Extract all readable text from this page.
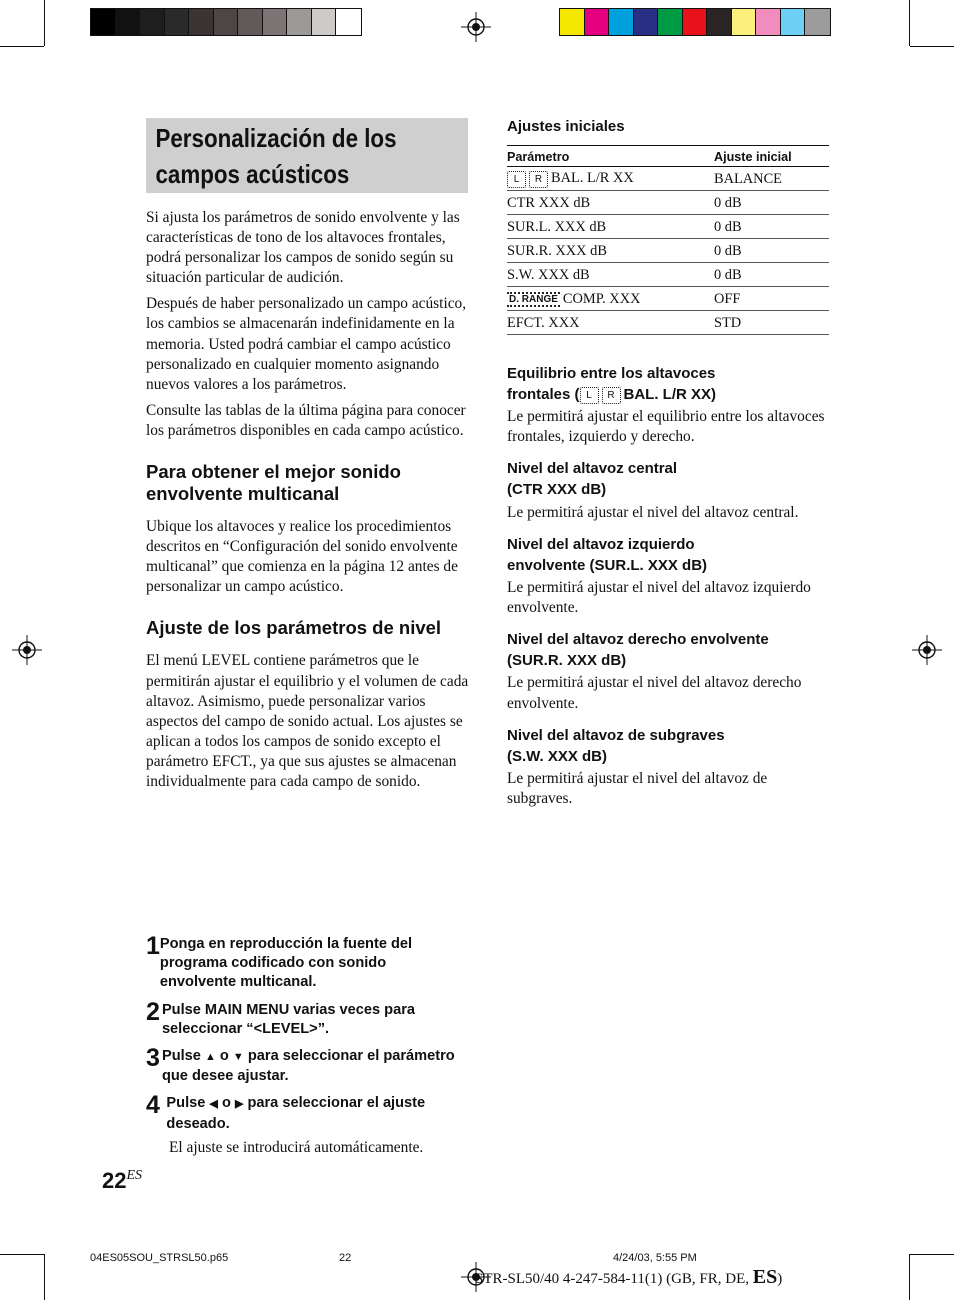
Personalización de los
campos acústicos

Si ajusta los parámetros de sonido envolvente y las características de tono de los altavoces frontales, podrá personalizar los campos de sonido según su situación particular de audición.

Después de haber personalizado un campo acústico, los cambios se almacenarán indefinidamente en la memoria. Usted podrá cambiar el campo acústico personalizado en cualquier momento asignando nuevos valores a los parámetros.

Consulte las tablas de la última página para conocer los parámetros disponibles en cada campo acústico.

Para obtener el mejor sonido envolvente multicanal

Ubique los altavoces y realice los procedimientos descritos en “Configuración del sonido envolvente multicanal” que comienza en la página 12 antes de personalizar un campo acústico.

Ajuste de los parámetros de nivel

El menú LEVEL contiene parámetros que le permitirán ajustar el equilibrio y el volumen de cada altavoz. Asimismo, puede personalizar varios aspectos del campo de sonido actual. Los ajustes se aplican a todos los campos de sonido excepto el parámetro EFCT., ya que sus ajustes se almacenan individualmente para cada campo de sonido.

1 Ponga en reproducción la fuente del programa codificado con sonido envolvente multicanal.
2 Pulse MAIN MENU varias veces para seleccionar “<LEVEL>”.
3 Pulse ▲ o ▼ para seleccionar el parámetro que desee ajustar.
4 Pulse ◀ o ▶ para seleccionar el ajuste deseado.
El ajuste se introducirá automáticamente.
22ES
Ajustes iniciales
Parámetro	Ajuste inicial
L R BAL. L/R XX	BALANCE
CTR XXX dB	0 dB
SUR.L. XXX dB	0 dB
SUR.R. XXX dB	0 dB
S.W. XXX dB	0 dB
D. RANGE COMP. XXX	OFF
EFCT. XXX	STD
Equilibrio entre los altavoces
frontales ( L R BAL. L/R XX)

Le permitirá ajustar el equilibrio entre los altavoces frontales, izquierdo y derecho.

Nivel del altavoz central
(CTR XXX dB)

Le permitirá ajustar el nivel del altavoz central.

Nivel del altavoz izquierdo
envolvente (SUR.L. XXX dB)

Le permitirá ajustar el nivel del altavoz izquierdo envolvente.

Nivel del altavoz derecho envolvente
(SUR.R. XXX dB)

Le permitirá ajustar el nivel del altavoz derecho envolvente.

Nivel del altavoz de subgraves
(S.W. XXX dB)

Le permitirá ajustar el nivel del altavoz de subgraves.

04ES05SOU_STRSL50.p65	22	4/24/03, 5:55 PM
STR-SL50/40 4-247-584-11(1) (GB, FR, DE, ES)
